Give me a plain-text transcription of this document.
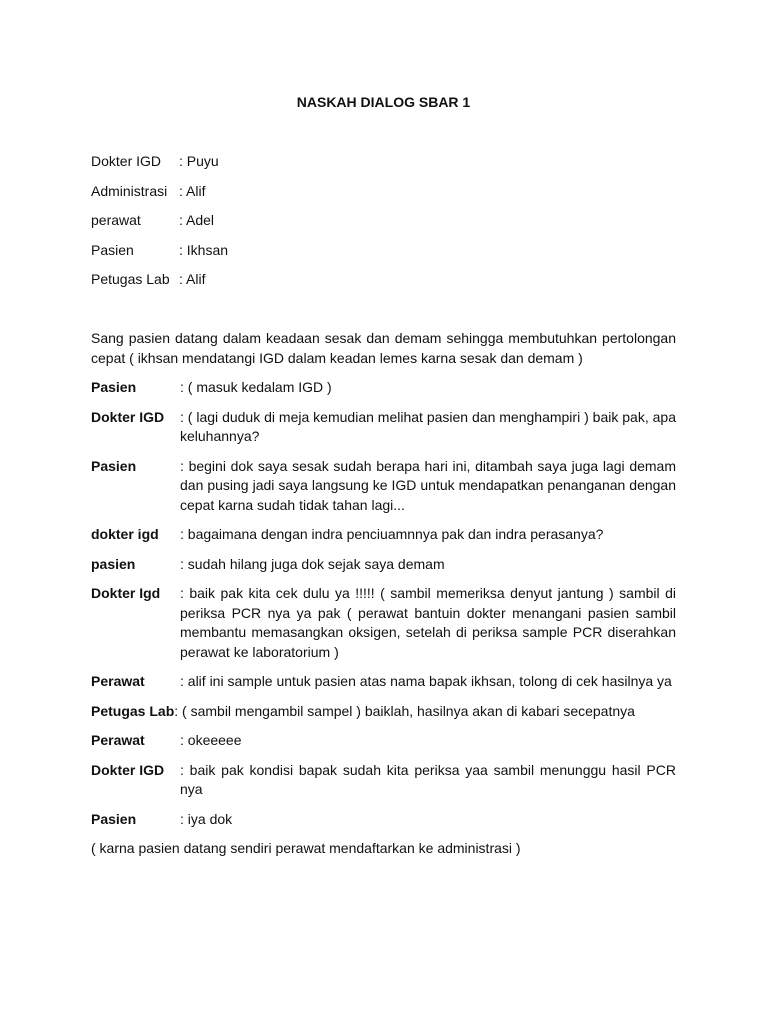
NASKAH DIALOG SBAR 1
Dokter IGD	: Puyu
Administrasi : Alif
perawat	: Adel
Pasien	: Ikhsan
Petugas Lab : Alif

Sang pasien datang dalam keadaan sesak dan demam sehingga membutuhkan pertolongan cepat ( ikhsan mendatangi IGD dalam keadan lemes karna sesak dan demam )

Pasien	: ( masuk kedalam IGD )
Dokter IGD	: ( lagi duduk di meja kemudian melihat pasien dan menghampiri ) baik pak, apa keluhannya?
Pasien	: begini dok saya sesak sudah berapa hari ini, ditambah saya juga lagi demam dan pusing jadi saya langsung ke IGD untuk mendapatkan penanganan dengan cepat karna sudah tidak tahan lagi...
dokter igd	: bagaimana dengan indra penciuamnnya pak dan indra perasanya?
pasien	: sudah hilang juga dok sejak saya demam
Dokter Igd	: baik pak kita cek dulu ya !!!!! ( sambil memeriksa denyut jantung ) sambil di periksa PCR nya ya pak ( perawat bantuin dokter menangani pasien sambil membantu memasangkan oksigen, setelah di periksa sample PCR diserahkan perawat ke laboratorium )
Perawat	: alif ini sample untuk pasien atas nama bapak ikhsan, tolong di cek hasilnya ya
Petugas Lab: ( sambil mengambil sampel ) baiklah, hasilnya akan di kabari secepatnya
Perawat	: okeeeee
Dokter IGD	: baik pak kondisi bapak sudah kita periksa yaa sambil menunggu hasil PCR nya
Pasien	: iya dok

( karna pasien datang sendiri perawat mendaftarkan ke administrasi )
